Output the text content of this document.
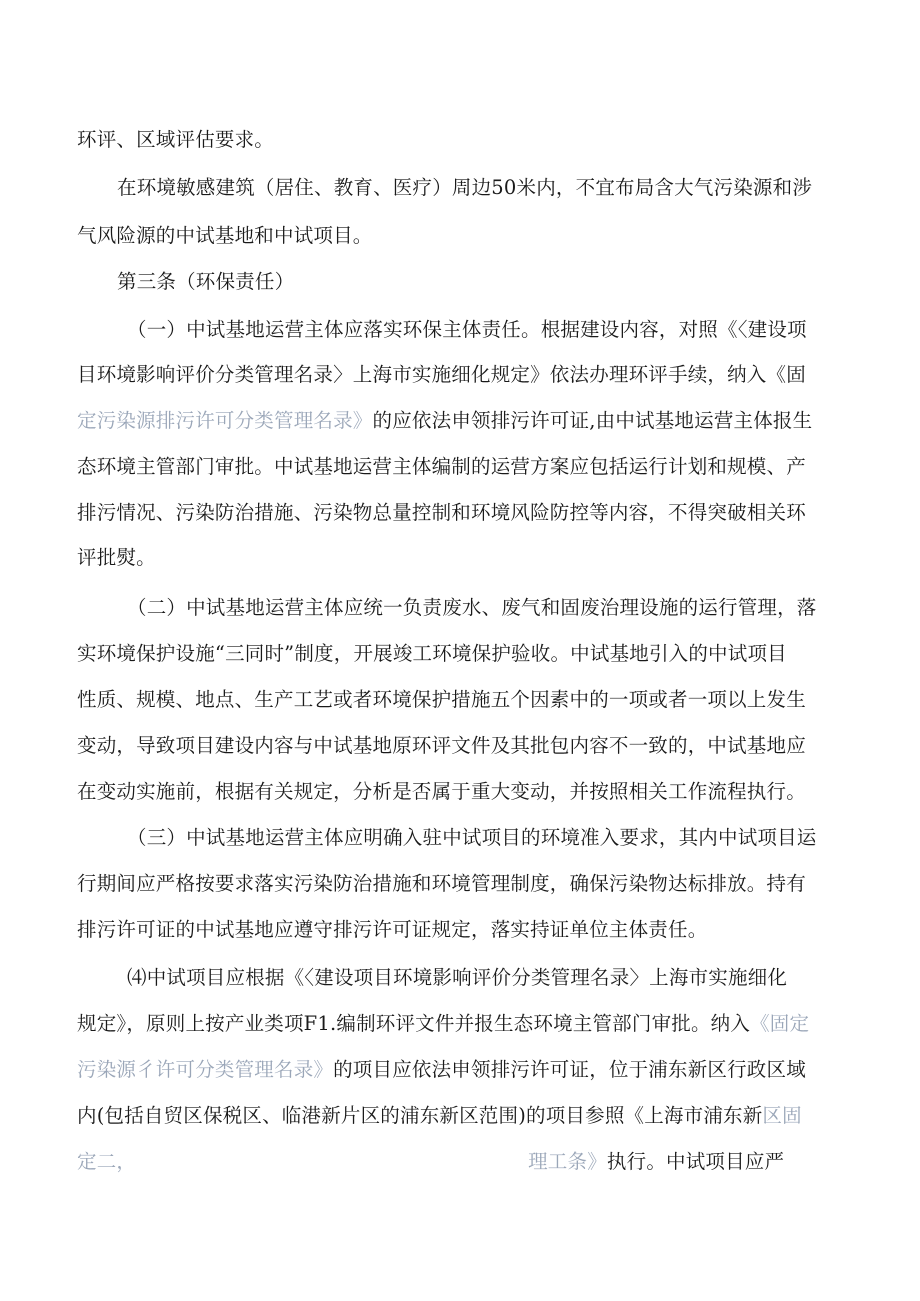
环评、区域评估要求。
在环境敏感建筑（居住、教育、医疗）周边50米内，不宜布局含大气污染源和涉
气风险源的中试基地和中试项目。
第三条（环保责任）
（一）中试基地运营主体应落实环保主体责任。根据建设内容，对照《〈建设项
目环境影响评价分类管理名录〉上海市实施细化规定》依法办理环评手续，纳入《固
定污染源排污许可分类管理名录》的应依法申领排污许可证,由中试基地运营主体报生
态环境主管部门审批。中试基地运营主体编制的运营方案应包括运行计划和规模、产
排污情况、污染防治措施、污染物总量控制和环境风险防控等内容，不得突破相关环
评批熨。
（二）中试基地运营主体应统一负责废水、废气和固废治理设施的运行管理，落
实环境保护设施“三同时”制度，开展竣工环境保护验收。中试基地引入的中试项目
性质、规模、地点、生产工艺或者环境保护措施五个因素中的一项或者一项以上发生
变动，导致项目建设内容与中试基地原环评文件及其批包内容不一致的，中试基地应
在变动实施前，根据有关规定，分析是否属于重大变动，并按照相关工作流程执行。
（三）中试基地运营主体应明确入驻中试项目的环境准入要求，其内中试项目运
行期间应严格按要求落实污染防治措施和环境管理制度，确保污染物达标排放。持有
排污许可证的中试基地应遵守排污许可证规定，落实持证单位主体责任。
⑷中试项目应根据《〈建设项目环境影响评价分类管理名录〉上海市实施细化
规定》，原则上按产业类项F1.编制环评文件并报生态环境主管部门审批。纳入《固定
污染源彳许可分类管理名录》的项目应依法申领排污许可证，位于浦东新区行政区域
内(包括自贸区保税区、临港新片区的浦东新区范围)的项目参照《上海市浦东新区固
定二，	理工条》执行。中试项目应严
